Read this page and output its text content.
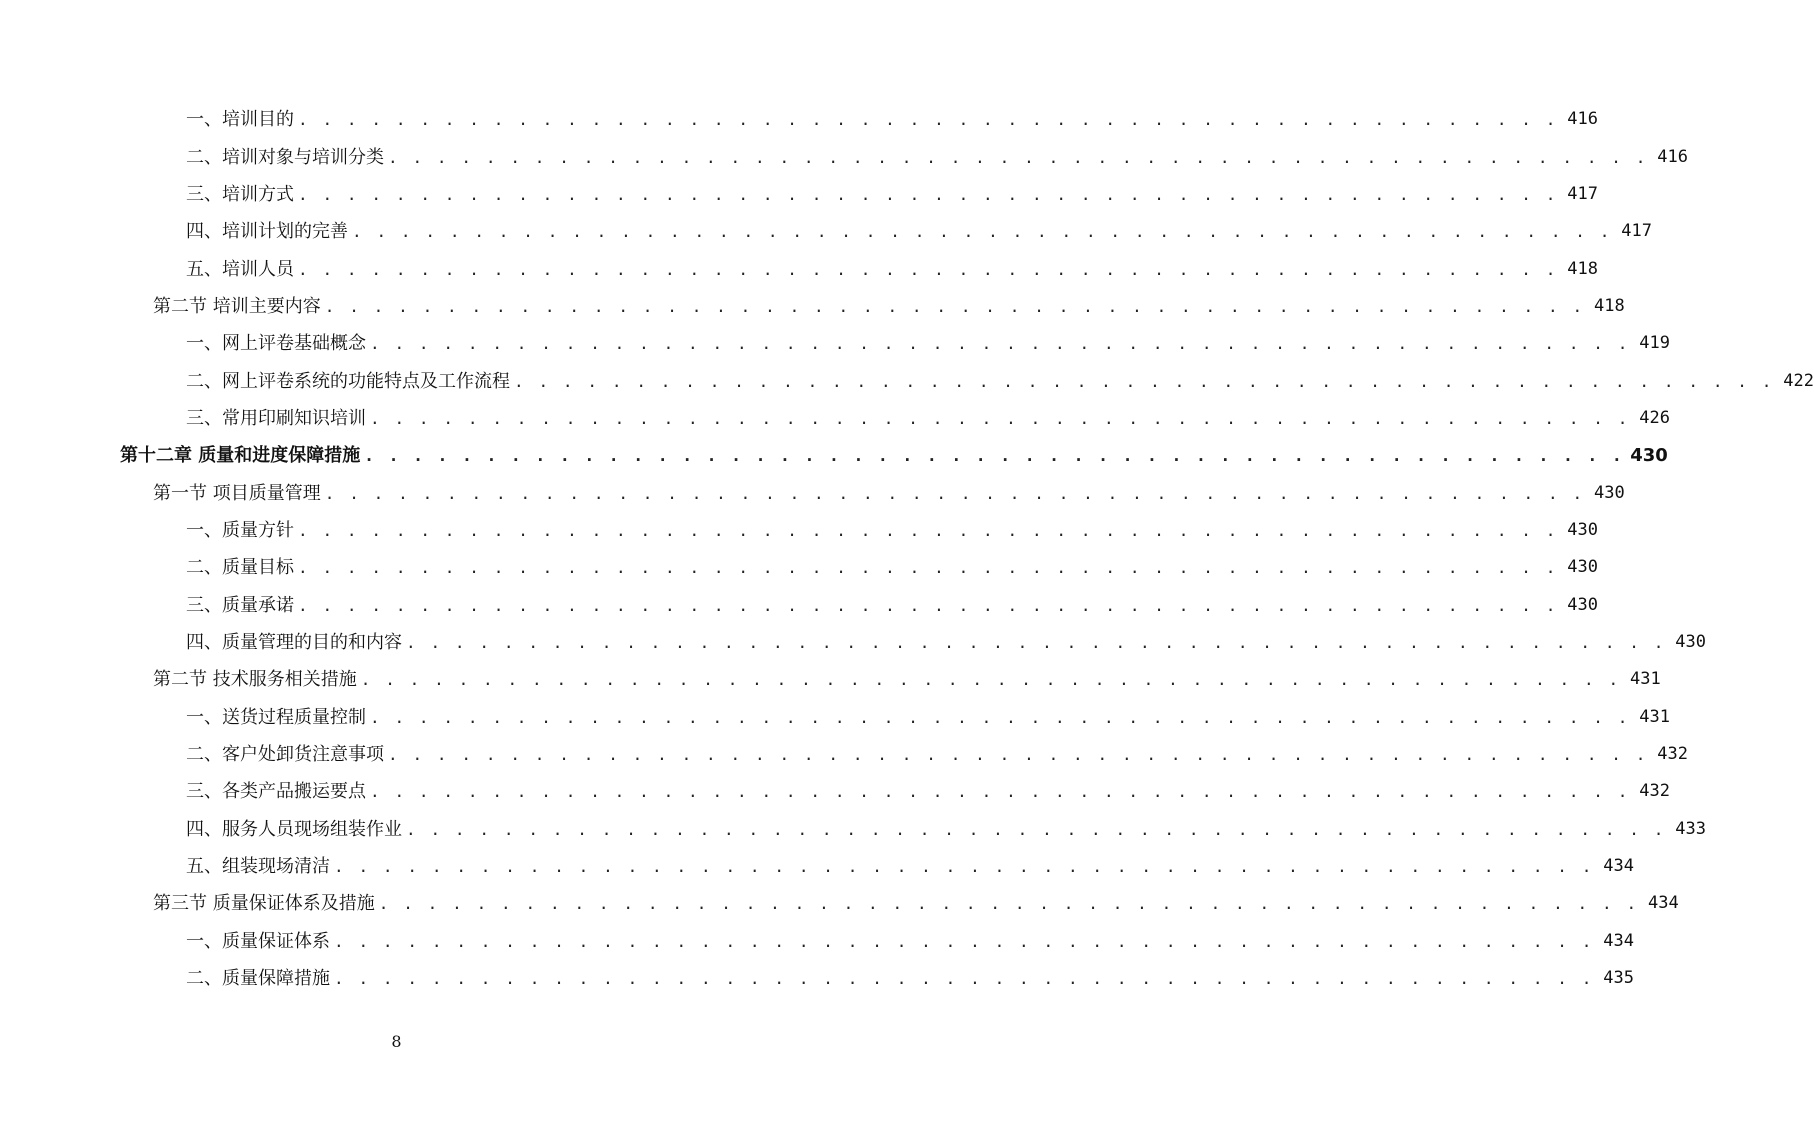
一、培训目的 . . . . . . . . . . . . . . . . . . . . . . . . . . . . . . . . . . . . . . . . . . . . . . . . . . . . 416
二、培训对象与培训分类 . . . . . . . . . . . . . . . . . . . . . . . . . . . . . . . . . . . . . . . . . . . . . . . . . . . . 416
三、培训方式 . . . . . . . . . . . . . . . . . . . . . . . . . . . . . . . . . . . . . . . . . . . . . . . . . . . . 417
四、培训计划的完善 . . . . . . . . . . . . . . . . . . . . . . . . . . . . . . . . . . . . . . . . . . . . . . . . . . . . 417
五、培训人员 . . . . . . . . . . . . . . . . . . . . . . . . . . . . . . . . . . . . . . . . . . . . . . . . . . . . 418
第二节 培训主要内容 . . . . . . . . . . . . . . . . . . . . . . . . . . . . . . . . . . . . . . . . . . . . . . . . . . . . 418
一、网上评卷基础概念 . . . . . . . . . . . . . . . . . . . . . . . . . . . . . . . . . . . . . . . . . . . . . . . . . . . . 419
二、网上评卷系统的功能特点及工作流程 . . . . . . . . . . . . . . . . . . . . . . . . . . . . . . . . . . . . . . . . . . . . . . . . . . . . 422
三、常用印刷知识培训 . . . . . . . . . . . . . . . . . . . . . . . . . . . . . . . . . . . . . . . . . . . . . . . . . . . . 426
第十二章 质量和进度保障措施 . . . . . . . . . . . . . . . . . . . . . . . . . . . . . . . . . . . . . . . . . . . . . . . . . . . . 430
第一节 项目质量管理 . . . . . . . . . . . . . . . . . . . . . . . . . . . . . . . . . . . . . . . . . . . . . . . . . . . . 430
一、质量方针 . . . . . . . . . . . . . . . . . . . . . . . . . . . . . . . . . . . . . . . . . . . . . . . . . . . . 430
二、质量目标 . . . . . . . . . . . . . . . . . . . . . . . . . . . . . . . . . . . . . . . . . . . . . . . . . . . . 430
三、质量承诺 . . . . . . . . . . . . . . . . . . . . . . . . . . . . . . . . . . . . . . . . . . . . . . . . . . . . 430
四、质量管理的目的和内容 . . . . . . . . . . . . . . . . . . . . . . . . . . . . . . . . . . . . . . . . . . . . . . . . . . . . 430
第二节 技术服务相关措施 . . . . . . . . . . . . . . . . . . . . . . . . . . . . . . . . . . . . . . . . . . . . . . . . . . . . 431
一、送货过程质量控制 . . . . . . . . . . . . . . . . . . . . . . . . . . . . . . . . . . . . . . . . . . . . . . . . . . . . 431
二、客户处卸货注意事项 . . . . . . . . . . . . . . . . . . . . . . . . . . . . . . . . . . . . . . . . . . . . . . . . . . . . 432
三、各类产品搬运要点 . . . . . . . . . . . . . . . . . . . . . . . . . . . . . . . . . . . . . . . . . . . . . . . . . . . . 432
四、服务人员现场组装作业 . . . . . . . . . . . . . . . . . . . . . . . . . . . . . . . . . . . . . . . . . . . . . . . . . . . . 433
五、组装现场清洁 . . . . . . . . . . . . . . . . . . . . . . . . . . . . . . . . . . . . . . . . . . . . . . . . . . . . 434
第三节 质量保证体系及措施 . . . . . . . . . . . . . . . . . . . . . . . . . . . . . . . . . . . . . . . . . . . . . . . . . . . . 434
一、质量保证体系 . . . . . . . . . . . . . . . . . . . . . . . . . . . . . . . . . . . . . . . . . . . . . . . . . . . . 434
二、质量保障措施 . . . . . . . . . . . . . . . . . . . . . . . . . . . . . . . . . . . . . . . . . . . . . . . . . . . . 435
8
